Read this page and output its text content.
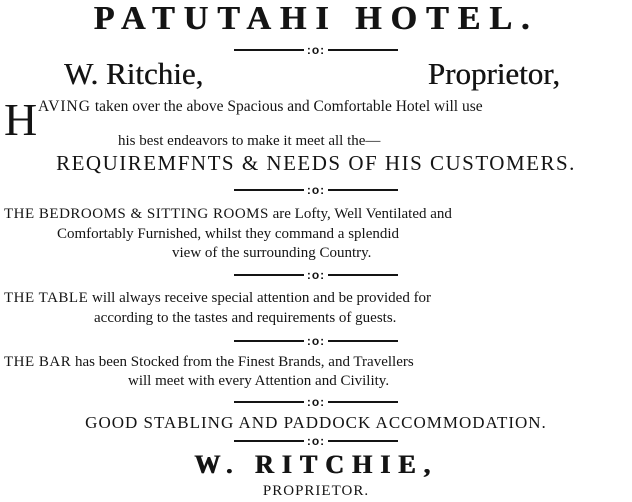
PATUTAHI HOTEL.
:o:
W. Ritchie,	Proprietor,
H AVING taken over the above Spacious and Comfortable Hotel will use
his best endeavors to make it meet all the—
REQUIREMFNTS & NEEDS OF HIS CUSTOMERS.
:o:
THE BEDROOMS & SITTING ROOMS are Lofty, Well Ventilated and
Comfortably Furnished, whilst they command a splendid
view of the surrounding Country.
:o:
THE TABLE will always receive special attention and be provided for
according to the tastes and requirements of guests.
:o:
THE BAR has been Stocked from the Finest Brands, and Travellers
will meet with every Attention and Civility.
:o:
GOOD STABLING AND PADDOCK ACCOMMODATION.
:o:
W. RITCHIE,
PROPRIETOR.
